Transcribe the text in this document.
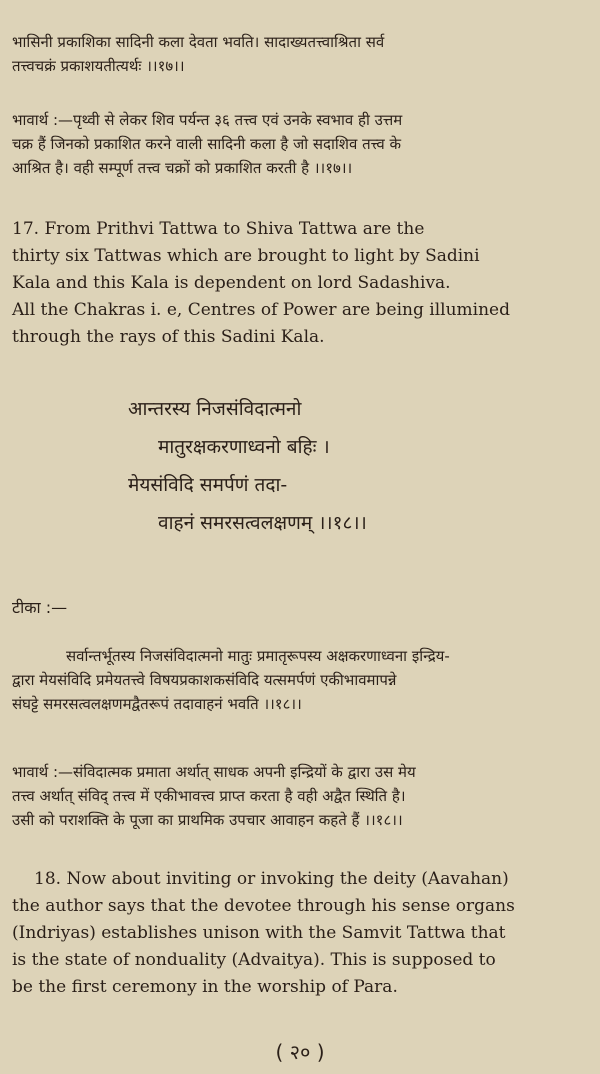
भासिनी प्रकाशिका सादिनी कला देवता भवति। सादाख्यतत्त्वाश्रिता सर्व
तत्त्वचक्रं प्रकाशयतीत्यर्थः ।।१७।।
भावार्थ :—पृथ्वी से लेकर शिव पर्यन्त ३६ तत्त्व एवं उनके स्वभाव ही उत्तम
चक्र हैं जिनको प्रकाशित करने वाली सादिनी कला है जो सदाशिव तत्त्व के
आश्रित है। वही सम्पूर्ण तत्त्व चक्रों को प्रकाशित करती है ।।१७।।
17. From Prithvi Tattwa to Shiva Tattwa are the
thirty six Tattwas which are brought to light by Sadini
Kala and this Kala is dependent on lord Sadashiva.
All the Chakras i. e, Centres of Power are being illumined
through the rays of this Sadini Kala.
आन्तरस्य निजसंविदात्मनो
मातुरक्षकरणाध्वनो बहिः ।
मेयसंविदि समर्पणं तदा-
वाहनं समरसत्वलक्षणम् ।।१८।।
टीका :—
सर्वान्तर्भूतस्य निजसंविदात्मनो मातुः प्रमातृरूपस्य अक्षकरणाध्वना इन्द्रिय-
द्वारा मेयसंविदि प्रमेयतत्त्वे विषयप्रकाशकसंविदि यत्समर्पणं एकीभावमापन्ने
संघट्टे समरसत्वलक्षणमद्वैतरूपं तदावाहनं भवति ।।१८।।
भावार्थ :—संविदात्मक प्रमाता अर्थात् साधक अपनी इन्द्रियों के द्वारा उस मेय
तत्त्व अर्थात् संविद् तत्त्व में एकीभावत्त्व प्राप्त करता है वही अद्वैत स्थिति है।
उसी को पराशक्ति के पूजा का प्राथमिक उपचार आवाहन कहते हैं ।।१८।।
18. Now about inviting or invoking the deity (Aavahan)
the author says that the devotee through his sense organs
(Indriyas) establishes unison with the Samvit Tattwa that
is the state of nonduality (Advaitya). This is supposed to
be the first ceremony in the worship of Para.
( २० )
